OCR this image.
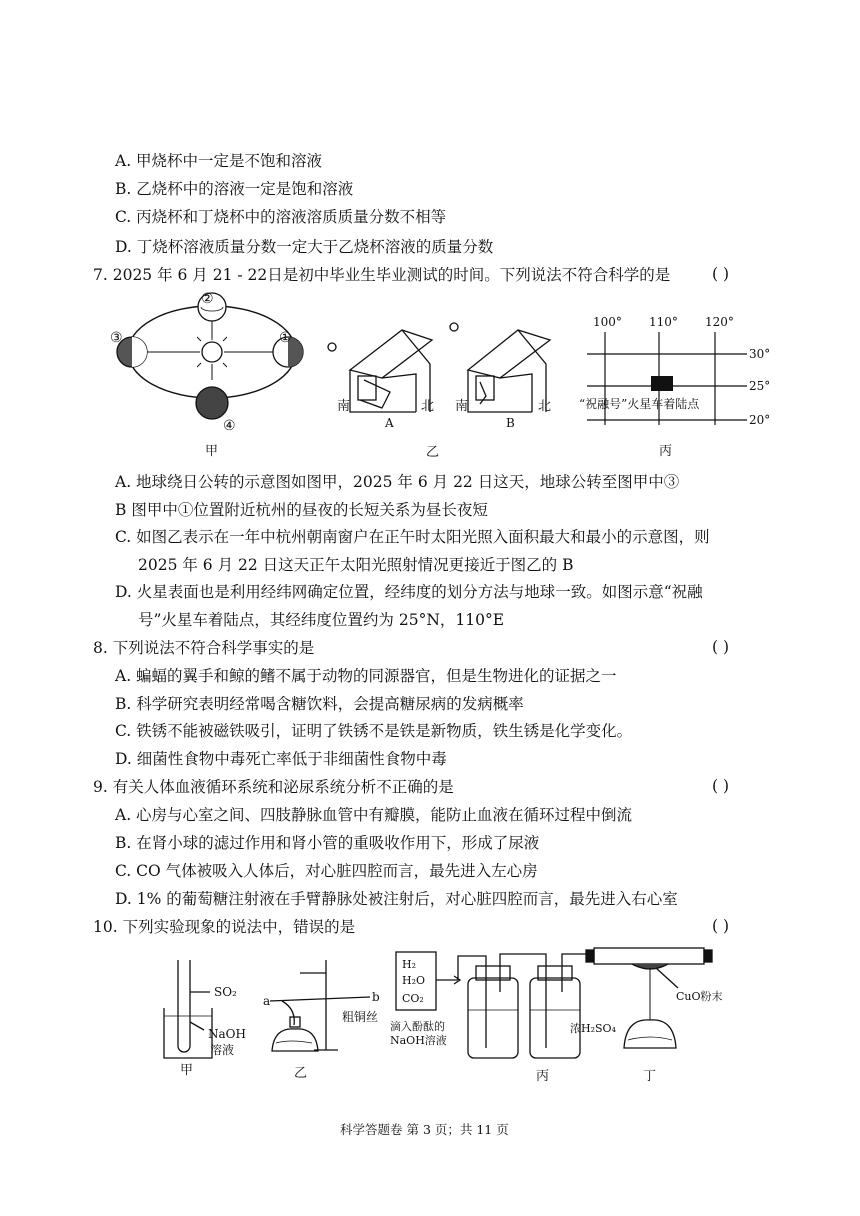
A. 甲烧杯中一定是不饱和溶液
B. 乙烧杯中的溶液一定是饱和溶液
C. 丙烧杯和丁烧杯中的溶液溶质质量分数不相等
D. 丁烧杯溶液质量分数一定大于乙烧杯溶液的质量分数
7. 2025 年 6 月 21 - 22日是初中毕业生毕业测试的时间。下列说法不符合科学的是	( )
②
③	①
④
甲
南	北
A
南	北
B
乙
100° 110° 120°
30°
25°
20°
“祝融号”火星车着陆点
丙
A. 地球绕日公转的示意图如图甲，2025 年 6 月 22 日这天，地球公转至图甲中③
B 图甲中①位置附近杭州的昼夜的长短关系为昼长夜短
C. 如图乙表示在一年中杭州朝南窗户在正午时太阳光照入面积最大和最小的示意图，则
2025 年 6 月 22 日这天正午太阳光照射情况更接近于图乙的 B
D. 火星表面也是利用经纬网确定位置，经纬度的划分方法与地球一致。如图示意“祝融
号”火星车着陆点，其经纬度位置约为 25°N，110°E
8. 下列说法不符合科学事实的是	( )
A. 蝙蝠的翼手和鲸的鳍不属于动物的同源器官，但是生物进化的证据之一
B. 科学研究表明经常喝含糖饮料，会提高糖尿病的发病概率
C. 铁锈不能被磁铁吸引，证明了铁锈不是铁是新物质，铁生锈是化学变化。
D. 细菌性食物中毒死亡率低于非细菌性食物中毒
9. 有关人体血液循环系统和泌尿系统分析不正确的是	( )
A. 心房与心室之间、四肢静脉血管中有瓣膜，能防止血液在循环过程中倒流
B. 在肾小球的滤过作用和肾小管的重吸收作用下，形成了尿液
C. CO 气体被吸入人体后，对心脏四腔而言，最先进入左心房
D. 1% 的葡萄糖注射液在手臂静脉处被注射后，对心脏四腔而言，最先进入右心室
10. 下列实验现象的说法中，错误的是	( )
SO₂
NaOH
溶液
甲
a	b
粗铜丝
乙
H₂
H₂O
CO₂
滴入酚酞的
NaOH溶液
浓H₂SO₄
CuO粉末
丙	丁
科学答题卷 第 3 页；共 11 页
